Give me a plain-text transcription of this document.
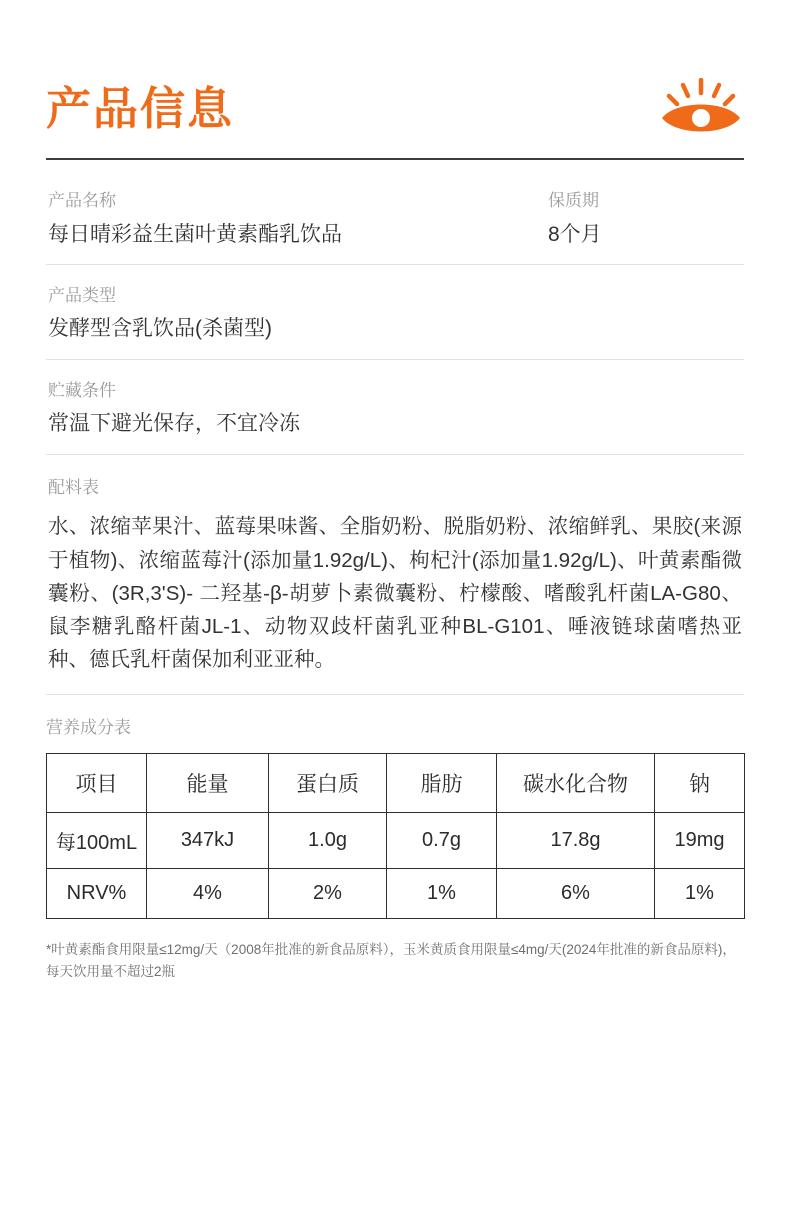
产品信息
产品名称
每日晴彩益生菌叶黄素酯乳饮品
保质期
8个月
产品类型
发酵型含乳饮品(杀菌型)
贮藏条件
常温下避光保存，不宜冷冻
配料表
水、浓缩苹果汁、蓝莓果味酱、全脂奶粉、脱脂奶粉、浓缩鲜乳、果胶(来源于植物)、浓缩蓝莓汁(添加量1.92g/L)、枸杞汁(添加量1.92g/L)、叶黄素酯微囊粉、(3R,3'S)- 二羟基-β-胡萝卜素微囊粉、柠檬酸、嗜酸乳杆菌LA-G80、鼠李糖乳酪杆菌JL-1、动物双歧杆菌乳亚种BL-G101、唾液链球菌嗜热亚种、德氏乳杆菌保加利亚亚种。
营养成分表
项目	能量	蛋白质	脂肪	碳水化合物	钠
每100mL	347kJ	1.0g	0.7g	17.8g	19mg
NRV%	4%	2%	1%	6%	1%
*叶黄素酯食用限量≤12mg/天（2008年批准的新食品原料），玉米黄质食用限量≤4mg/天(2024年批准的新食品原料)，每天饮用量不超过2瓶
